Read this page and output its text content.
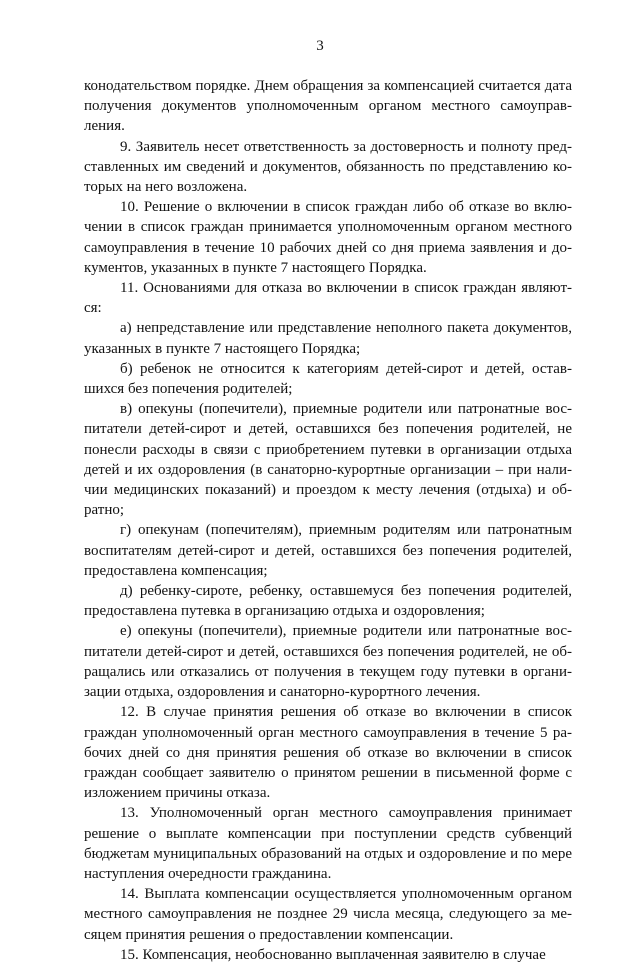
3

конодательством порядке. Днем обращения за компенсацией считается дата получения документов уполномоченным органом местного самоуправления.

9. Заявитель несет ответственность за достоверность и полноту представленных им сведений и документов, обязанность по представлению которых на него возложена.

10. Решение о включении в список граждан либо об отказе во включении в список граждан принимается уполномоченным органом местного самоуправления в течение 10 рабочих дней со дня приема заявления и документов, указанных в пункте 7 настоящего Порядка.

11. Основаниями для отказа во включении в список граждан являются:

а) непредставление или представление неполного пакета документов, указанных в пункте 7 настоящего Порядка;

б) ребенок не относится к категориям детей-сирот и детей, оставшихся без попечения родителей;

в) опекуны (попечители), приемные родители или патронатные воспитатели детей-сирот и детей, оставшихся без попечения родителей, не понесли расходы в связи с приобретением путевки в организации отдыха детей и их оздоровления (в санаторно-курортные организации – при наличии медицинских показаний) и проездом к месту лечения (отдыха) и обратно;

г) опекунам (попечителям), приемным родителям или патронатным воспитателям детей-сирот и детей, оставшихся без попечения родителей, предоставлена компенсация;

д) ребенку-сироте, ребенку, оставшемуся без попечения родителей, предоставлена путевка в организацию отдыха и оздоровления;

е) опекуны (попечители), приемные родители или патронатные воспитатели детей-сирот и детей, оставшихся без попечения родителей, не обращались или отказались от получения в текущем году путевки в организации отдыха, оздоровления и санаторно-курортного лечения.

12. В случае принятия решения об отказе во включении в список граждан уполномоченный орган местного самоуправления в течение 5 рабочих дней со дня принятия решения об отказе во включении в список граждан сообщает заявителю о принятом решении в письменной форме с изложением причины отказа.

13. Уполномоченный орган местного самоуправления принимает решение о выплате компенсации при поступлении средств субвенций бюджетам муниципальных образований на отдых и оздоровление и по мере наступления очередности гражданина.

14. Выплата компенсации осуществляется уполномоченным органом местного самоуправления не позднее 29 числа месяца, следующего за месяцем принятия решения о предоставлении компенсации.

15. Компенсация, необоснованно выплаченная заявителю в случае
